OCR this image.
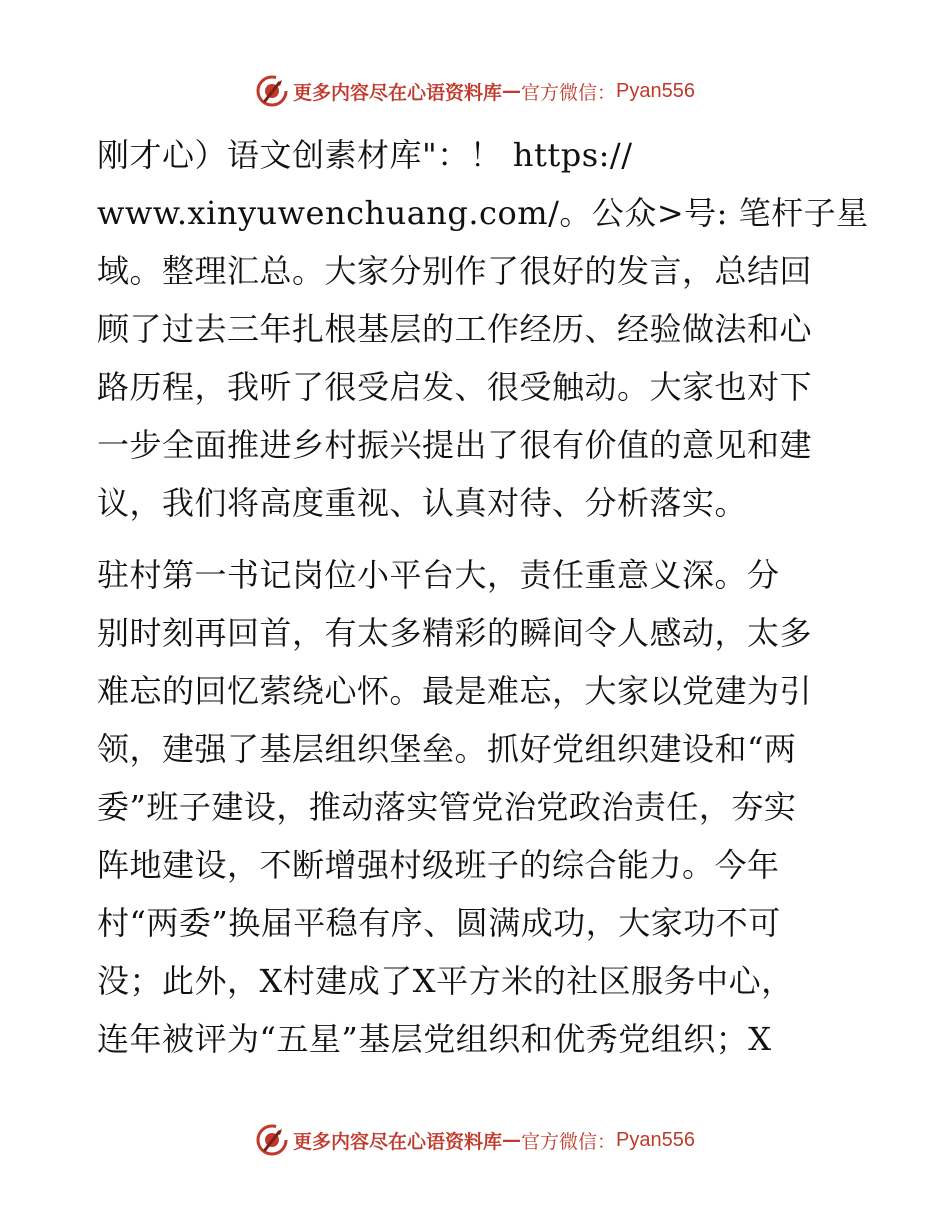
更多内容尽在心语资料库 — 官方微信： Pyan556
刚才心）语文创素材库"：！ https://
www.xinyuwenchuang.com/。公众>号: 笔杆子星
域。整理汇总。大家分别作了很好的发言，总结回
顾了过去三年扎根基层的工作经历、经验做法和心
路历程，我听了很受启发、很受触动。大家也对下
一步全面推进乡村振兴提出了很有价值的意见和建
议，我们将高度重视、认真对待、分析落实。
驻村第一书记岗位小平台大，责任重意义深。分
别时刻再回首，有太多精彩的瞬间令人感动，太多
难忘的回忆萦绕心怀。最是难忘，大家以党建为引
领，建强了基层组织堡垒。抓好党组织建设和“两
委”班子建设，推动落实管党治党政治责任，夯实
阵地建设，不断增强村级班子的综合能力。今年
村“两委”换届平稳有序、圆满成功，大家功不可
没；此外，X村建成了X平方米的社区服务中心，
连年被评为“五星”基层党组织和优秀党组织；X
更多内容尽在心语资料库 — 官方微信： Pyan556
